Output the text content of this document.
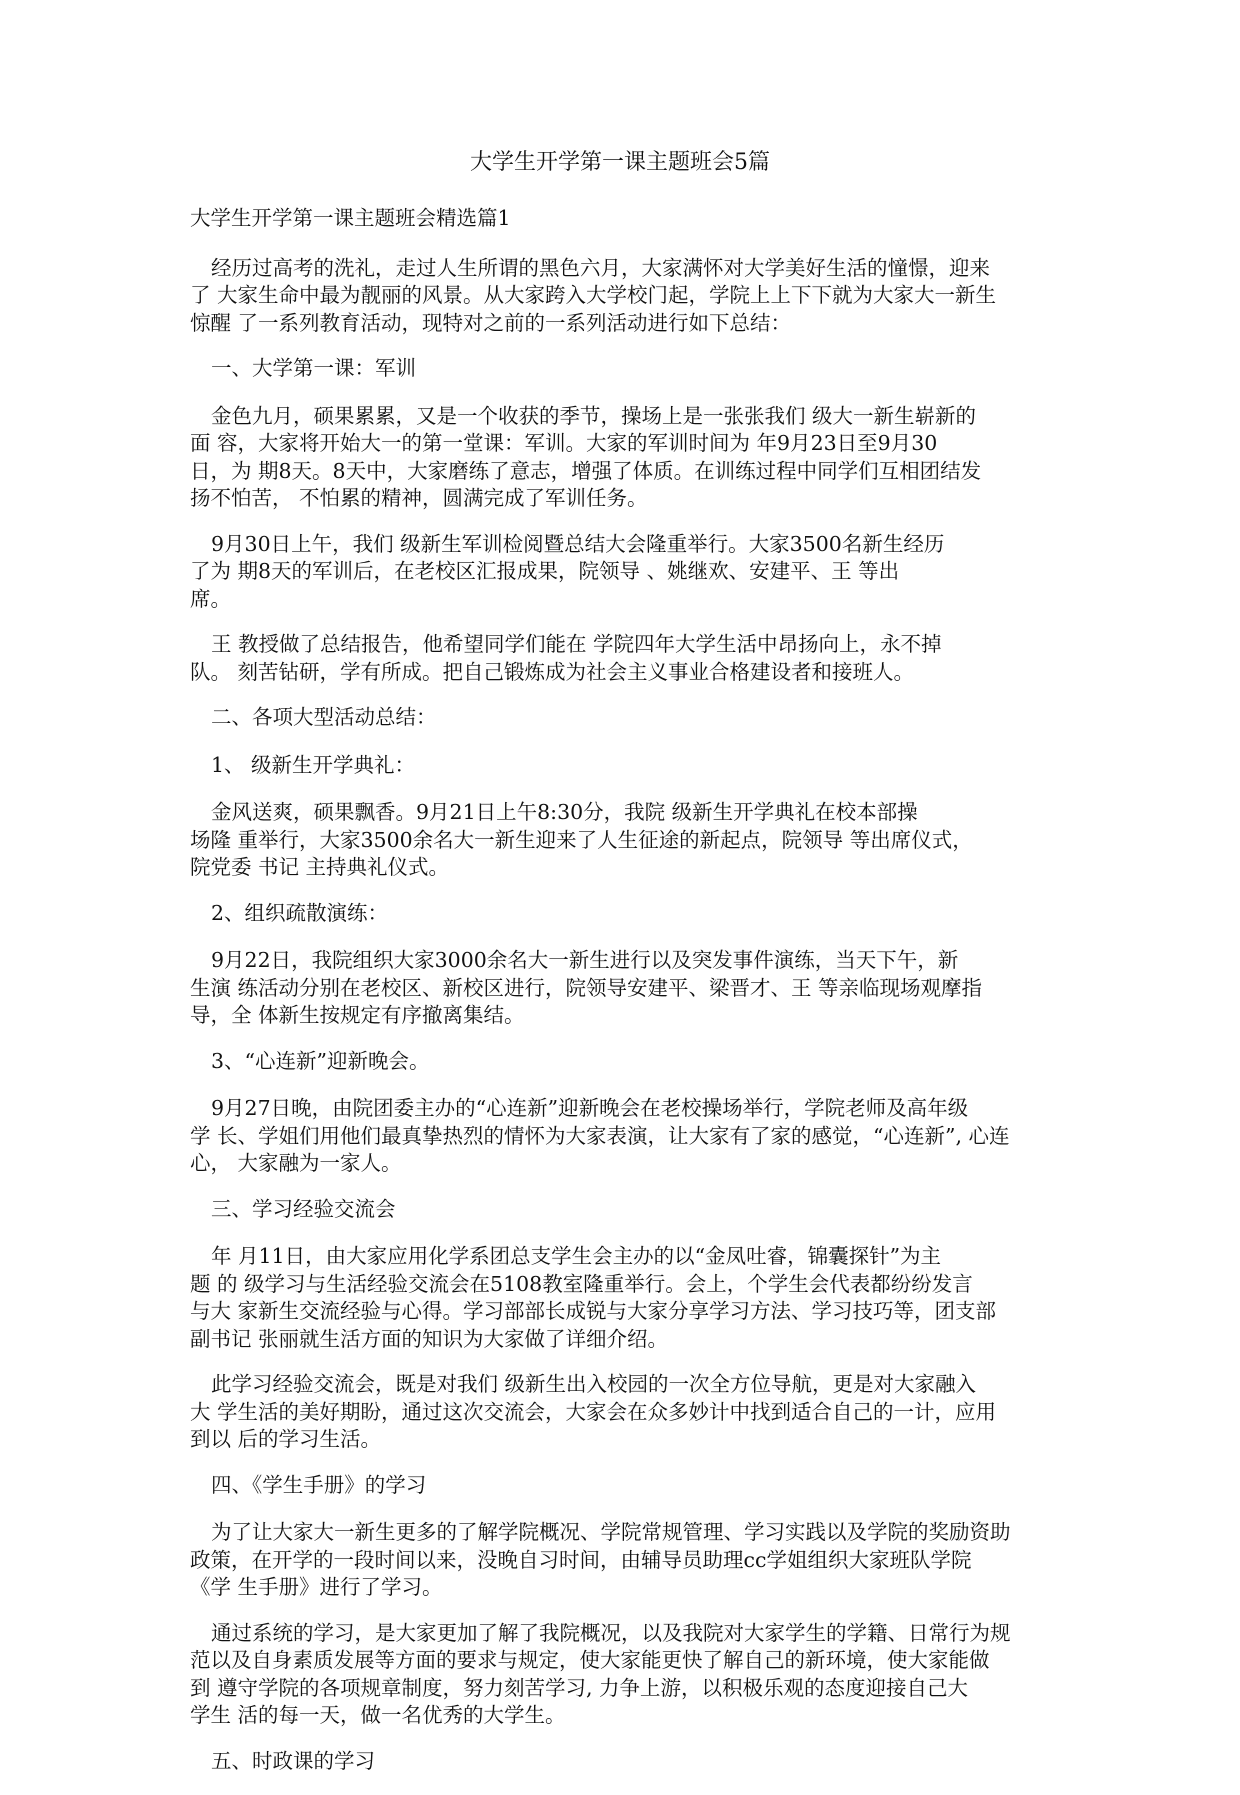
大学生开学第一课主题班会5篇
大学生开学第一课主题班会精选篇1
经历过高考的洗礼，走过人生所谓的黑色六月，大家满怀对大学美好生活的憧憬，迎来
了 大家生命中最为靓丽的风景。从大家跨入大学校门起，学院上上下下就为大家大一新生
惊醒 了一系列教育活动，现特对之前的一系列活动进行如下总结：
一、大学第一课：军训
金色九月，硕果累累，又是一个收获的季节，操场上是一张张我们 级大一新生崭新的
面 容，大家将开始大一的第一堂课：军训。大家的军训时间为 年9月23日至9月30
日，为 期8天。8天中，大家磨练了意志，增强了体质。在训练过程中同学们互相团结发
扬不怕苦， 不怕累的精神，圆满完成了军训任务。
9月30日上午，我们 级新生军训检阅暨总结大会隆重举行。大家3500名新生经历
了为 期8天的军训后，在老校区汇报成果，院领导 、姚继欢、安建平、王 等出
席。
王 教授做了总结报告，他希望同学们能在 学院四年大学生活中昂扬向上，永不掉
队。 刻苦钻研，学有所成。把自己锻炼成为社会主义事业合格建设者和接班人。
二、各项大型活动总结：
1、 级新生开学典礼：
金风送爽，硕果飘香。9月21日上午8:30分，我院 级新生开学典礼在校本部操
场隆 重举行，大家3500余名大一新生迎来了人生征途的新起点，院领导 等出席仪式，
院党委 书记 主持典礼仪式。
2、组织疏散演练：
9月22日，我院组织大家3000余名大一新生进行以及突发事件演练，当天下午，新
生演 练活动分别在老校区、新校区进行，院领导安建平、梁晋才、王 等亲临现场观摩指
导，全 体新生按规定有序撤离集结。
3、“心连新”迎新晚会。
9月27日晚，由院团委主办的“心连新”迎新晚会在老校操场举行，学院老师及高年级
学 长、学姐们用他们最真挚热烈的情怀为大家表演，让大家有了家的感觉，“心连新”, 心连
心， 大家融为一家人。
三、学习经验交流会
年 月11日，由大家应用化学系团总支学生会主办的以“金凤吐睿，锦囊探针”为主
题 的 级学习与生活经验交流会在5108教室隆重举行。会上，个学生会代表都纷纷发言
与大 家新生交流经验与心得。学习部部长成锐与大家分享学习方法、学习技巧等，团支部
副书记 张丽就生活方面的知识为大家做了详细介绍。
此学习经验交流会，既是对我们 级新生出入校园的一次全方位导航，更是对大家融入
大 学生活的美好期盼，通过这次交流会，大家会在众多妙计中找到适合自己的一计，应用
到以 后的学习生活。
四、《学生手册》的学习
为了让大家大一新生更多的了解学院概况、学院常规管理、学习实践以及学院的奖励资助
政策，在开学的一段时间以来，没晚自习时间，由辅导员助理cc学姐组织大家班队学院
《学 生手册》进行了学习。
通过系统的学习，是大家更加了解了我院概况，以及我院对大家学生的学籍、日常行为规
范以及自身素质发展等方面的要求与规定，使大家能更快了解自己的新环境，使大家能做
到 遵守学院的各项规章制度，努力刻苦学习, 力争上游，以积极乐观的态度迎接自己大
学生 活的每一天，做一名优秀的大学生。
五、时政课的学习
